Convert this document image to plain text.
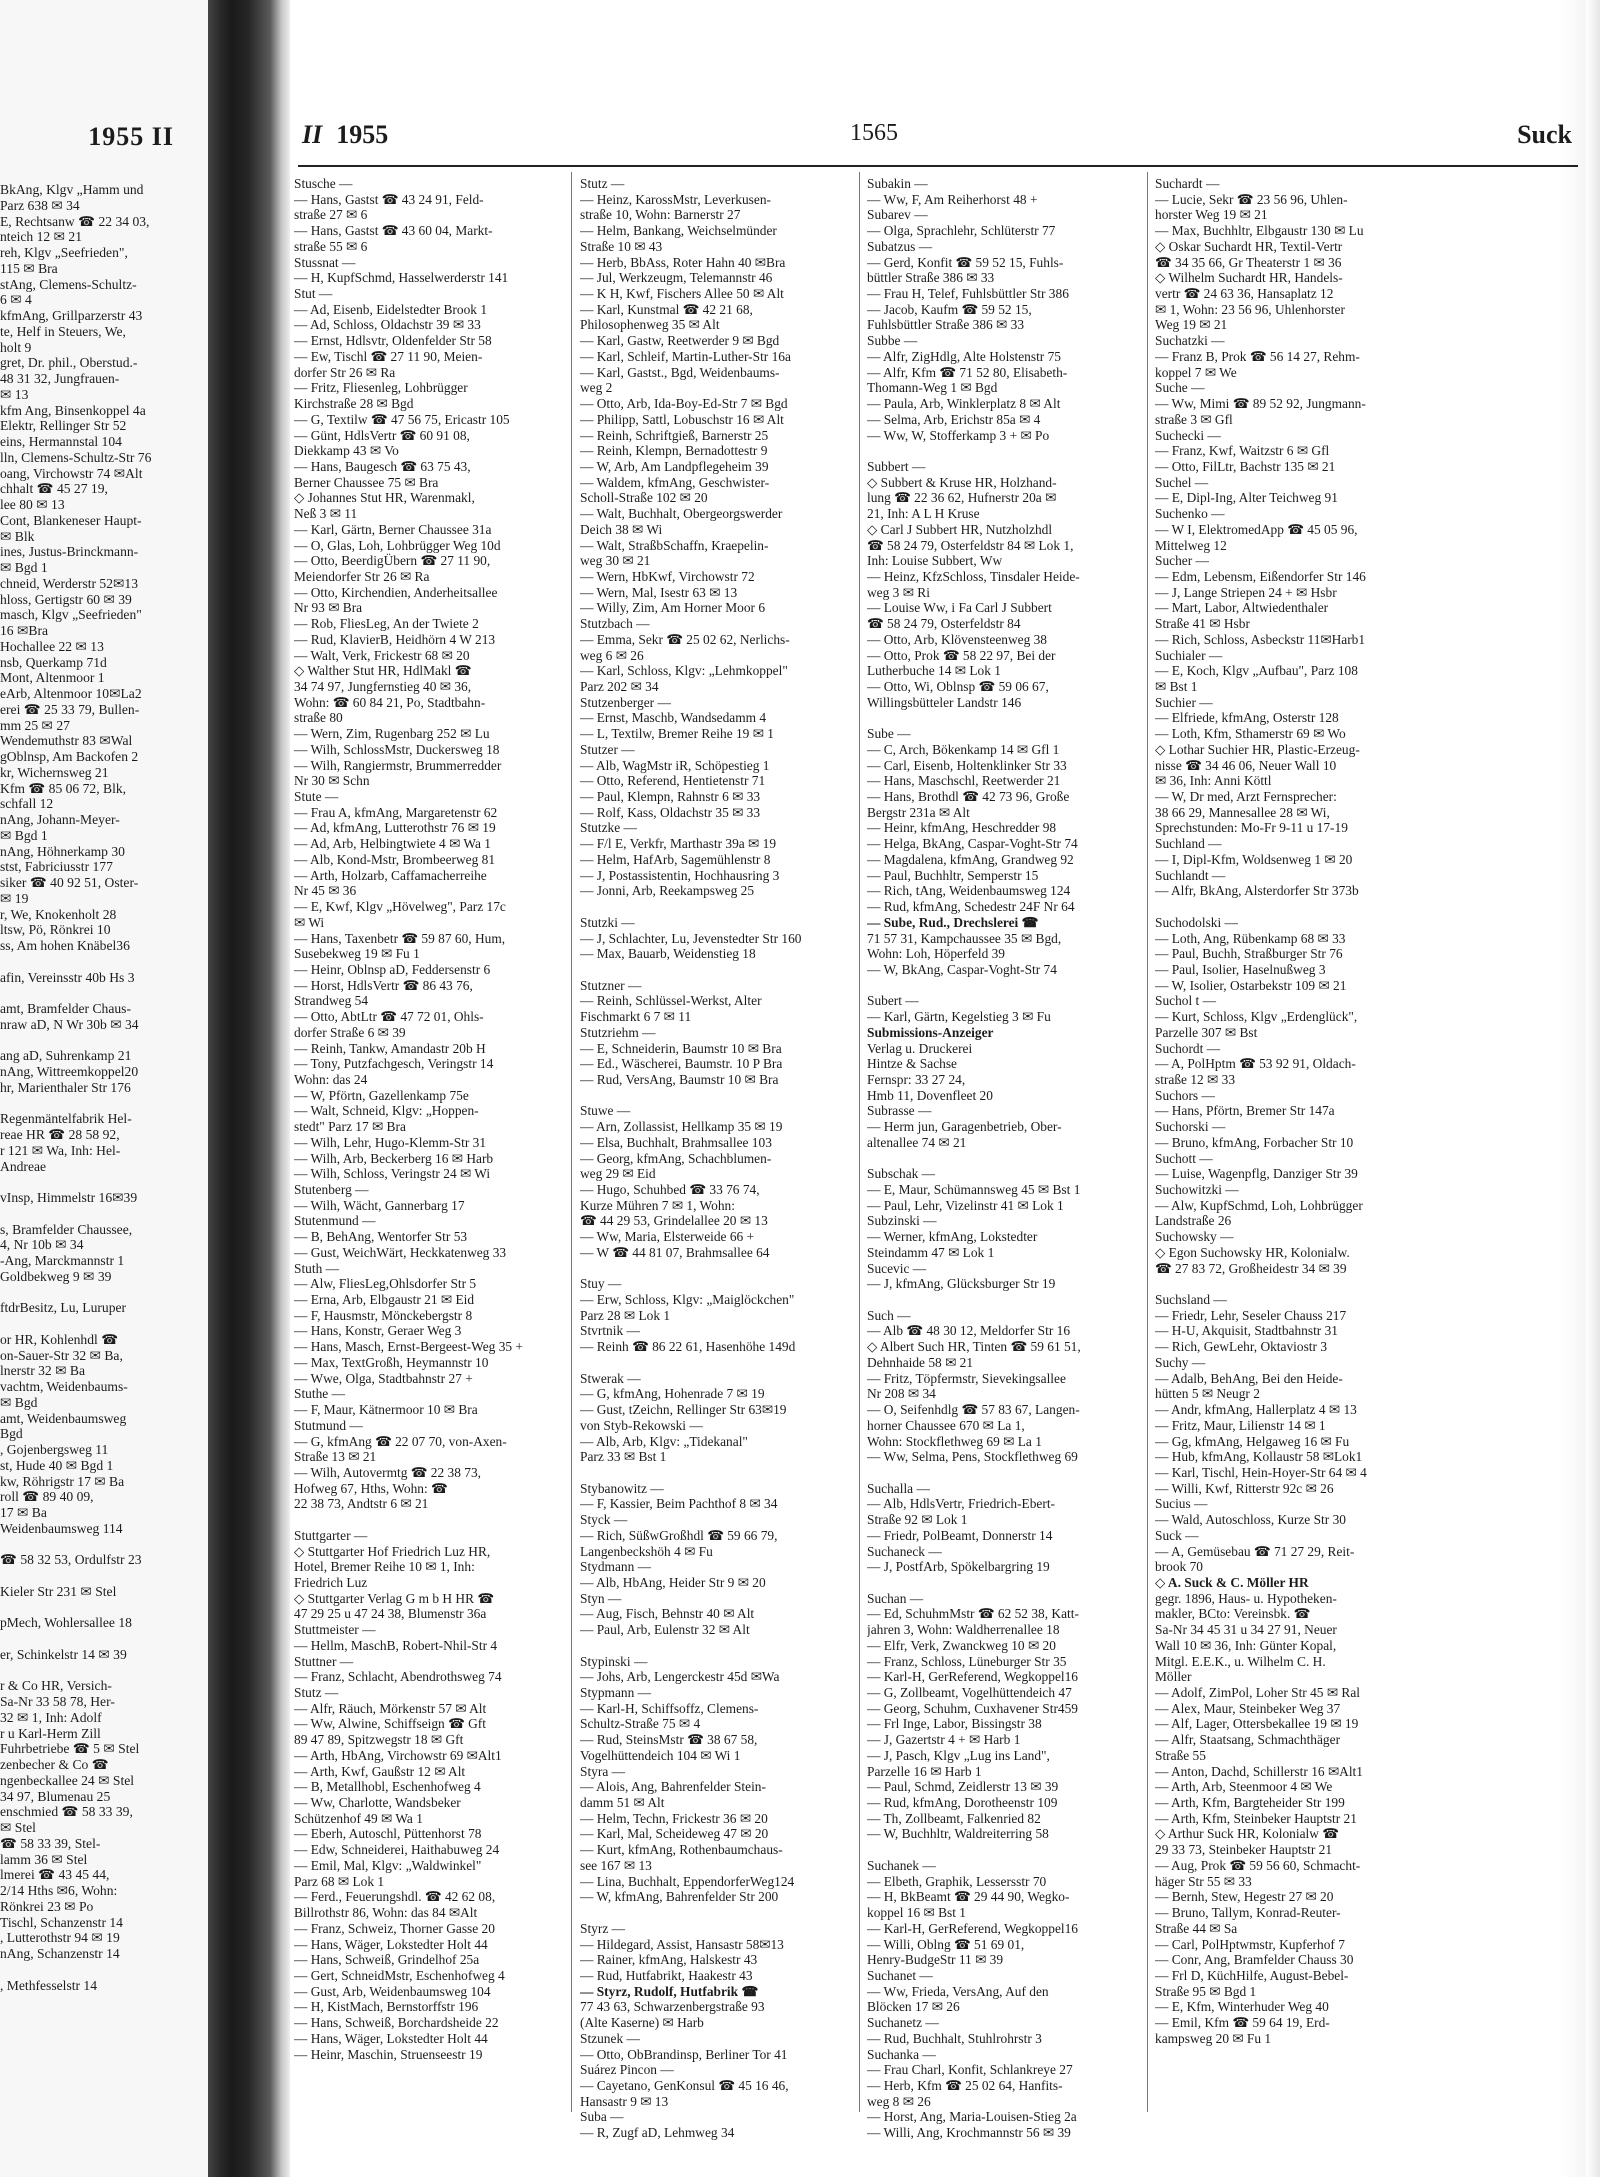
1955 II
BkAng, Klgv „Hamm und
Parz 638 ✉ 34
E, Rechtsanw ☎ 22 34 03,
nteich 12 ✉ 21
reh, Klgv „Seefrieden",
115 ✉ Bra
stAng, Clemens-Schultz-
6 ✉ 4
kfmAng, Grillparzerstr 43
te, Helf in Steuers, We,
holt 9
gret, Dr. phil., Oberstud.-
48 31 32, Jungfrauen-
✉ 13
kfm Ang, Binsenkoppel 4a
Elektr, Rellinger Str 52
eins, Hermannstal 104
lln, Clemens-Schultz-Str 76
oang, Virchowstr 74 ✉Alt
chhalt ☎ 45 27 19,
lee 80 ✉ 13
Cont, Blankeneser Haupt-
✉ Blk
ines, Justus-Brinckmann-
✉ Bgd 1
chneid, Werderstr 52✉13
hloss, Gertigstr 60 ✉ 39
masch, Klgv „Seefrieden"
16 ✉Bra
Hochallee 22 ✉ 13
nsb, Querkamp 71d
Mont, Altenmoor 1
eArb, Altenmoor 10✉La2
erei ☎ 25 33 79, Bullen-
mm 25 ✉ 27
Wendemuthstr 83 ✉Wal
gOblnsp, Am Backofen 2
kr, Wichernsweg 21
Kfm ☎ 85 06 72, Blk,
schfall 12
nAng, Johann-Meyer-
✉ Bgd 1
nAng, Höhnerkamp 30
stst, Fabriciusstr 177
siker ☎ 40 92 51, Oster-
✉ 19
r, We, Knokenholt 28
ltsw, Pö, Rönkrei 10
ss, Am hohen Knäbel36

afin, Vereinsstr 40b Hs 3

amt, Bramfelder Chaus-
nraw aD, N Wr 30b ✉ 34

ang aD, Suhrenkamp 21
nAng, Wittreemkoppel20
hr, Marienthaler Str 176

Regenmäntelfabrik Hel-
reae HR ☎ 28 58 92,
r 121 ✉ Wa, Inh: Hel-
Andreae

vInsp, Himmelstr 16✉39

s, Bramfelder Chaussee,
4, Nr 10b ✉ 34
-Ang, Marckmannstr 1
Goldbekweg 9 ✉ 39

ftdrBesitz, Lu, Luruper

or HR, Kohlenhdl ☎
on-Sauer-Str 32 ✉ Ba,
lnerstr 32 ✉ Ba
vachtm, Weidenbaums-
✉ Bgd
amt, Weidenbaumsweg
Bgd
, Gojenbergsweg 11
st, Hude 40 ✉ Bgd 1
kw, Röhrigstr 17 ✉ Ba
roll ☎ 89 40 09,
17 ✉ Ba
Weidenbaumsweg 114

☎ 58 32 53, Ordulfstr 23

Kieler Str 231 ✉ Stel

pMech, Wohlersallee 18

er, Schinkelstr 14 ✉ 39

r & Co HR, Versich-
Sa-Nr 33 58 78, Her-
32 ✉ 1, Inh: Adolf
r u Karl-Herm Zill
Fuhrbetriebe ☎ 5 ✉ Stel
zenbecher & Co ☎
ngenbeckallee 24 ✉ Stel
34 97, Blumenau 25
enschmied ☎ 58 33 39,
✉ Stel
☎ 58 33 39, Stel-
lamm 36 ✉ Stel
lmerei ☎ 43 45 44,
2/14 Hths ✉6, Wohn:
Rönkrei 23 ✉ Po
Tischl, Schanzenstr 14
, Lutterothstr 94 ✉ 19
nAng, Schanzenstr 14

, Methfesselstr 14
II 1955	1565	Suck
Stusche —
— Hans, Gastst ☎ 43 24 91, Feld-
straße 27 ✉ 6
— Hans, Gastst ☎ 43 60 04, Markt-
straße 55 ✉ 6
Stussnat —
— H, KupfSchmd, Hasselwerderstr 141
Stut —
— Ad, Eisenb, Eidelstedter Brook 1
— Ad, Schloss, Oldachstr 39 ✉ 33
— Ernst, Hdlsvtr, Oldenfelder Str 58
— Ew, Tischl ☎ 27 11 90, Meien-
dorfer Str 26 ✉ Ra
— Fritz, Fliesenleg, Lohbrügger
Kirchstraße 28 ✉ Bgd
— G, Textilw ☎ 47 56 75, Ericastr 105
— Günt, HdlsVertr ☎ 60 91 08,
Diekkamp 43 ✉ Vo
— Hans, Baugesch ☎ 63 75 43,
Berner Chaussee 75 ✉ Bra
◇ Johannes Stut HR, Warenmakl,
Neß 3 ✉ 11
— Karl, Gärtn, Berner Chaussee 31a
— O, Glas, Loh, Lohbrügger Weg 10d
— Otto, BeerdigÜbern ☎ 27 11 90,
Meiendorfer Str 26 ✉ Ra
— Otto, Kirchendien, Anderheitsallee
Nr 93 ✉ Bra
— Rob, FliesLeg, An der Twiete 2
— Rud, KlavierB, Heidhörn 4 W 213
— Walt, Verk, Frickestr 68 ✉ 20
◇ Walther Stut HR, HdlMakl ☎
34 74 97, Jungfernstieg 40 ✉ 36,
Wohn: ☎ 60 84 21, Po, Stadtbahn-
straße 80
— Wern, Zim, Rugenbarg 252 ✉ Lu
— Wilh, SchlossMstr, Duckersweg 18
— Wilh, Rangiermstr, Brummerredder
Nr 30 ✉ Schn
Stute —
— Frau A, kfmAng, Margaretenstr 62
— Ad, kfmAng, Lutterothstr 76 ✉ 19
— Ad, Arb, Helbingtwiete 4 ✉ Wa 1
— Alb, Kond-Mstr, Brombeerweg 81
— Arth, Holzarb, Caffamacherreihe
Nr 45 ✉ 36
— E, Kwf, Klgv „Hövelweg", Parz 17c
✉ Wi
— Hans, Taxenbetr ☎ 59 87 60, Hum,
Susebekweg 19 ✉ Fu 1
— Heinr, Oblnsp aD, Feddersenstr 6
— Horst, HdlsVertr ☎ 86 43 76,
Strandweg 54
— Otto, AbtLtr ☎ 47 72 01, Ohls-
dorfer Straße 6 ✉ 39
— Reinh, Tankw, Amandastr 20b H
— Tony, Putzfachgesch, Veringstr 14
Wohn: das 24
— W, Pförtn, Gazellenkamp 75e
— Walt, Schneid, Klgv: „Hoppen-
stedt" Parz 17 ✉ Bra
— Wilh, Lehr, Hugo-Klemm-Str 31
— Wilh, Arb, Beckerberg 16 ✉ Harb
— Wilh, Schloss, Veringstr 24 ✉ Wi
Stutenberg —
— Wilh, Wächt, Gannerbarg 17
Stutenmund —
— B, BehAng, Wentorfer Str 53
— Gust, WeichWärt, Heckkatenweg 33
Stuth —
— Alw, FliesLeg,Ohlsdorfer Str 5
— Erna, Arb, Elbgaustr 21 ✉ Eid
— F, Hausmstr, Mönckebergstr 8
— Hans, Konstr, Geraer Weg 3
— Hans, Masch, Ernst-Bergeest-Weg 35 +
— Max, TextGroßh, Heymannstr 10
— Wwe, Olga, Stadtbahnstr 27 +
Stuthe —
— F, Maur, Kätnermoor 10 ✉ Bra
Stutmund —
— G, kfmAng ☎ 22 07 70, von-Axen-
Straße 13 ✉ 21
— Wilh, Autovermtg ☎ 22 38 73,
Hofweg 67, Hths, Wohn: ☎
22 38 73, Andtstr 6 ✉ 21

Stuttgarter —
◇ Stuttgarter Hof Friedrich Luz HR,
Hotel, Bremer Reihe 10 ✉ 1, Inh:
Friedrich Luz
◇ Stuttgarter Verlag G m b H HR ☎
47 29 25 u 47 24 38, Blumenstr 36a
Stuttmeister —
— Hellm, MaschB, Robert-Nhil-Str 4
Stuttner —
— Franz, Schlacht, Abendrothsweg 74
Stutz —
— Alfr, Räuch, Mörkenstr 57 ✉ Alt
— Ww, Alwine, Schiffseign ☎ Gft
89 47 89, Spitzwegstr 18 ✉ Gft
— Arth, HbAng, Virchowstr 69 ✉Alt1
— Arth, Kwf, Gaußstr 12 ✉ Alt
— B, Metallhobl, Eschenhofweg 4
— Ww, Charlotte, Wandsbeker
Schützenhof 49 ✉ Wa 1
— Eberh, Autoschl, Püttenhorst 78
— Edw, Schneiderei, Haithabuweg 24
— Emil, Mal, Klgv: „Waldwinkel"
Parz 68 ✉ Lok 1
— Ferd., Feuerungshdl. ☎ 42 62 08,
Billrothstr 86, Wohn: das 84 ✉Alt
— Franz, Schweiz, Thorner Gasse 20
— Hans, Wäger, Lokstedter Holt 44
— Hans, Schweiß, Grindelhof 25a
— Gert, SchneidMstr, Eschenhofweg 4
— Gust, Arb, Weidenbaumsweg 104
— H, KistMach, Bernstorffstr 196
— Hans, Schweiß, Borchardsheide 22
— Hans, Wäger, Lokstedter Holt 44
— Heinr, Maschin, Struenseestr 19
Stutz —
— Heinz, KarossMstr, Leverkusen-
straße 10, Wohn: Barnerstr 27
— Helm, Bankang, Weichselmünder
Straße 10 ✉ 43
— Herb, BbAss, Roter Hahn 40 ✉Bra
— Jul, Werkzeugm, Telemannstr 46
— K H, Kwf, Fischers Allee 50 ✉ Alt
— Karl, Kunstmal ☎ 42 21 68,
Philosophenweg 35 ✉ Alt
— Karl, Gastw, Reetwerder 9 ✉ Bgd
— Karl, Schleif, Martin-Luther-Str 16a
— Karl, Gastst., Bgd, Weidenbaums-
weg 2
— Otto, Arb, Ida-Boy-Ed-Str 7 ✉ Bgd
— Philipp, Sattl, Lobuschstr 16 ✉ Alt
— Reinh, Schriftgieß, Barnerstr 25
— Reinh, Klempn, Bernadottestr 9
— W, Arb, Am Landpflegeheim 39
— Waldem, kfmAng, Geschwister-
Scholl-Straße 102 ✉ 20
— Walt, Buchhalt, Obergeorgswerder
Deich 38 ✉ Wi
— Walt, StraßbSchaffn, Kraepelin-
weg 30 ✉ 21
— Wern, HbKwf, Virchowstr 72
— Wern, Mal, Isestr 63 ✉ 13
— Willy, Zim, Am Horner Moor 6
Stutzbach —
— Emma, Sekr ☎ 25 02 62, Nerlichs-
weg 6 ✉ 26
— Karl, Schloss, Klgv: „Lehmkoppel"
Parz 202 ✉ 34
Stutzenberger —
— Ernst, Maschb, Wandsedamm 4
— L, Textilw, Bremer Reihe 19 ✉ 1
Stutzer —
— Alb, WagMstr iR, Schöpestieg 1
— Otto, Referend, Hentietenstr 71
— Paul, Klempn, Rahnstr 6 ✉ 33
— Rolf, Kass, Oldachstr 35 ✉ 33
Stutzke —
— F/l E, Verkfr, Marthastr 39a ✉ 19
— Helm, HafArb, Sagemühlenstr 8
— J, Postassistentin, Hochhausring 3
— Jonni, Arb, Reekampsweg 25

Stutzki —
— J, Schlachter, Lu, Jevenstedter Str 160
— Max, Bauarb, Weidenstieg 18

Stutzner —
— Reinh, Schlüssel-Werkst, Alter
Fischmarkt 6 7 ✉ 11
Stutzriehm —
— E, Schneiderin, Baumstr 10 ✉ Bra
— Ed., Wäscherei, Baumstr. 10 P Bra
— Rud, VersAng, Baumstr 10 ✉ Bra

Stuwe —
— Arn, Zollassist, Hellkamp 35 ✉ 19
— Elsa, Buchhalt, Brahmsallee 103
— Georg, kfmAng, Schachblumen-
weg 29 ✉ Eid
— Hugo, Schuhbed ☎ 33 76 74,
Kurze Mühren 7 ✉ 1, Wohn:
☎ 44 29 53, Grindelallee 20 ✉ 13
— Ww, Maria, Elsterweide 66 +
— W ☎ 44 81 07, Brahmsallee 64

Stuy —
— Erw, Schloss, Klgv: „Maiglöckchen"
Parz 28 ✉ Lok 1
Stvrtnik —
— Reinh ☎ 86 22 61, Hasenhöhe 149d

Stwerak —
— G, kfmAng, Hohenrade 7 ✉ 19
— Gust, tZeichn, Rellinger Str 63✉19
von Styb-Rekowski —
— Alb, Arb, Klgv: „Tidekanal"
Parz 33 ✉ Bst 1

Stybanowitz —
— F, Kassier, Beim Pachthof 8 ✉ 34
Styck —
— Rich, SüßwGroßhdl ☎ 59 66 79,
Langenbeckshöh 4 ✉ Fu
Stydmann —
— Alb, HbAng, Heider Str 9 ✉ 20
Styn —
— Aug, Fisch, Behnstr 40 ✉ Alt
— Paul, Arb, Eulenstr 32 ✉ Alt

Stypinski —
— Johs, Arb, Lengerckestr 45d ✉Wa
Stypmann —
— Karl-H, Schiffsoffz, Clemens-
Schultz-Straße 75 ✉ 4
— Rud, SteinsMstr ☎ 38 67 58,
Vogelhüttendeich 104 ✉ Wi 1
Styra —
— Alois, Ang, Bahrenfelder Stein-
damm 51 ✉ Alt
— Helm, Techn, Frickestr 36 ✉ 20
— Karl, Mal, Scheideweg 47 ✉ 20
— Kurt, kfmAng, Rothenbaumchaus-
see 167 ✉ 13
— Lina, Buchhalt, EppendorferWeg124
— W, kfmAng, Bahrenfelder Str 200

Styrz —
— Hildegard, Assist, Hansastr 58✉13
— Rainer, kfmAng, Halskestr 43
— Rud, Hutfabrikt, Haakestr 43
— Styrz, Rudolf, Hutfabrik ☎
77 43 63, Schwarzenbergstraße 93
(Alte Kaserne) ✉ Harb
Stzunek —
— Otto, ObBrandinsp, Berliner Tor 41
Suárez Pincon —
— Cayetano, GenKonsul ☎ 45 16 46,
Hansastr 9 ✉ 13
Suba —
— R, Zugf aD, Lehmweg 34
Subakin —
— Ww, F, Am Reiherhorst 48 +
Subarev —
— Olga, Sprachlehr, Schlüterstr 77
Subatzus —
— Gerd, Konfit ☎ 59 52 15, Fuhls-
büttler Straße 386 ✉ 33
— Frau H, Telef, Fuhlsbüttler Str 386
— Jacob, Kaufm ☎ 59 52 15,
Fuhlsbüttler Straße 386 ✉ 33
Subbe —
— Alfr, ZigHdlg, Alte Holstenstr 75
— Alfr, Kfm ☎ 71 52 80, Elisabeth-
Thomann-Weg 1 ✉ Bgd
— Paula, Arb, Winklerplatz 8 ✉ Alt
— Selma, Arb, Erichstr 85a ✉ 4
— Ww, W, Stofferkamp 3 + ✉ Po

Subbert —
◇ Subbert & Kruse HR, Holzhand-
lung ☎ 22 36 62, Hufnerstr 20a ✉
21, Inh: A L H Kruse
◇ Carl J Subbert HR, Nutzholzhdl
☎ 58 24 79, Osterfeldstr 84 ✉ Lok 1,
Inh: Louise Subbert, Ww
— Heinz, KfzSchloss, Tinsdaler Heide-
weg 3 ✉ Ri
— Louise Ww, i Fa Carl J Subbert
☎ 58 24 79, Osterfeldstr 84
— Otto, Arb, Klövensteenweg 38
— Otto, Prok ☎ 58 22 97, Bei der
Lutherbuche 14 ✉ Lok 1
— Otto, Wi, Oblnsp ☎ 59 06 67,
Willingsbütteler Landstr 146

Sube —
— C, Arch, Bökenkamp 14 ✉ Gfl 1
— Carl, Eisenb, Holtenklinker Str 33
— Hans, Maschschl, Reetwerder 21
— Hans, Brothdl ☎ 42 73 96, Große
Bergstr 231a ✉ Alt
— Heinr, kfmAng, Heschredder 98
— Helga, BkAng, Caspar-Voght-Str 74
— Magdalena, kfmAng, Grandweg 92
— Paul, Buchhltr, Semperstr 15
— Rich, tAng, Weidenbaumsweg 124
— Rud, kfmAng, Schedestr 24F Nr 64
— Sube, Rud., Drechslerei ☎
71 57 31, Kampchaussee 35 ✉ Bgd,
Wohn: Loh, Höperfeld 39
— W, BkAng, Caspar-Voght-Str 74

Subert —
— Karl, Gärtn, Kegelstieg 3 ✉ Fu
Submissions-Anzeiger
Verlag u. Druckerei
Hintze & Sachse
Fernspr: 33 27 24,
Hmb 11, Dovenfleet 20
Subrasse —
— Herm jun, Garagenbetrieb, Ober-
altenallee 74 ✉ 21

Subschak —
— E, Maur, Schümannsweg 45 ✉ Bst 1
— Paul, Lehr, Vizelinstr 41 ✉ Lok 1
Subzinski —
— Werner, kfmAng, Lokstedter
Steindamm 47 ✉ Lok 1
Sucevic —
— J, kfmAng, Glücksburger Str 19

Such —
— Alb ☎ 48 30 12, Meldorfer Str 16
◇ Albert Such HR, Tinten ☎ 59 61 51,
Dehnhaide 58 ✉ 21
— Fritz, Töpfermstr, Sievekingsallee
Nr 208 ✉ 34
— O, Seifenhdlg ☎ 57 83 67, Langen-
horner Chaussee 670 ✉ La 1,
Wohn: Stockflethweg 69 ✉ La 1
— Ww, Selma, Pens, Stockflethweg 69

Suchalla —
— Alb, HdlsVertr, Friedrich-Ebert-
Straße 92 ✉ Lok 1
— Friedr, PolBeamt, Donnerstr 14
Suchaneck —
— J, PostfArb, Spökelbargring 19

Suchan —
— Ed, SchuhmMstr ☎ 62 52 38, Katt-
jahren 3, Wohn: Waldherrenallee 18
— Elfr, Verk, Zwanckweg 10 ✉ 20
— Franz, Schloss, Lüneburger Str 35
— Karl-H, GerReferend, Wegkoppel16
— G, Zollbeamt, Vogelhüttendeich 47
— Georg, Schuhm, Cuxhavener Str459
— Frl Inge, Labor, Bissingstr 38
— J, Gazertstr 4 + ✉ Harb 1
— J, Pasch, Klgv „Lug ins Land",
Parzelle 16 ✉ Harb 1
— Paul, Schmd, Zeidlerstr 13 ✉ 39
— Rud, kfmAng, Dorotheenstr 109
— Th, Zollbeamt, Falkenried 82
— W, Buchhltr, Waldreiterring 58

Suchanek —
— Elbeth, Graphik, Lessersstr 70
— H, BkBeamt ☎ 29 44 90, Wegko-
koppel 16 ✉ Bst 1
— Karl-H, GerReferend, Wegkoppel16
— Willi, Oblng ☎ 51 69 01,
Henry-BudgeStr 11 ✉ 39
Suchanet —
— Ww, Frieda, VersAng, Auf den
Blöcken 17 ✉ 26
Suchanetz —
— Rud, Buchhalt, Stuhlrohrstr 3
Suchanka —
— Frau Charl, Konfit, Schlankreye 27
— Herb, Kfm ☎ 25 02 64, Hanfits-
weg 8 ✉ 26
— Horst, Ang, Maria-Louisen-Stieg 2a
— Willi, Ang, Krochmannstr 56 ✉ 39
Suchardt —
— Lucie, Sekr ☎ 23 56 96, Uhlen-
horster Weg 19 ✉ 21
— Max, Buchhltr, Elbgaustr 130 ✉ Lu
◇ Oskar Suchardt HR, Textil-Vertr
☎ 34 35 66, Gr Theaterstr 1 ✉ 36
◇ Wilhelm Suchardt HR, Handels-
vertr ☎ 24 63 36, Hansaplatz 12
✉ 1, Wohn: 23 56 96, Uhlenhorster
Weg 19 ✉ 21
Suchatzki —
— Franz B, Prok ☎ 56 14 27, Rehm-
koppel 7 ✉ We
Suche —
— Ww, Mimi ☎ 89 52 92, Jungmann-
straße 3 ✉ Gfl
Suchecki —
— Franz, Kwf, Waitzstr 6 ✉ Gfl
— Otto, FilLtr, Bachstr 135 ✉ 21
Suchel —
— E, Dipl-Ing, Alter Teichweg 91
Suchenko —
— W I, ElektromedApp ☎ 45 05 96,
Mittelweg 12
Sucher —
— Edm, Lebensm, Eißendorfer Str 146
— J, Lange Striepen 24 + ✉ Hsbr
— Mart, Labor, Altwiedenthaler
Straße 41 ✉ Hsbr
— Rich, Schloss, Asbeckstr 11✉Harb1
Suchialer —
— E, Koch, Klgv „Aufbau", Parz 108
✉ Bst 1
Suchier —
— Elfriede, kfmAng, Osterstr 128
— Loth, Kfm, Sthamerstr 69 ✉ Wo
◇ Lothar Suchier HR, Plastic-Erzeug-
nisse ☎ 34 46 06, Neuer Wall 10
✉ 36, Inh: Anni Köttl
— W, Dr med, Arzt Fernsprecher:
38 66 29, Mannesallee 28 ✉ Wi,
Sprechstunden: Mo-Fr 9-11 u 17-19
Suchland —
— I, Dipl-Kfm, Woldsenweg 1 ✉ 20
Suchlandt —
— Alfr, BkAng, Alsterdorfer Str 373b

Suchodolski —
— Loth, Ang, Rübenkamp 68 ✉ 33
— Paul, Buchh, Straßburger Str 76
— Paul, Isolier, Haselnußweg 3
— W, Isolier, Ostarbekstr 109 ✉ 21
Suchol t —
— Kurt, Schloss, Klgv „Erdenglück",
Parzelle 307 ✉ Bst
Suchordt —
— A, PolHptm ☎ 53 92 91, Oldach-
straße 12 ✉ 33
Suchors —
— Hans, Pförtn, Bremer Str 147a
Suchorski —
— Bruno, kfmAng, Forbacher Str 10
Suchott —
— Luise, Wagenpflg, Danziger Str 39
Suchowitzki —
— Alw, KupfSchmd, Loh, Lohbrügger
Landstraße 26
Suchowsky —
◇ Egon Suchowsky HR, Kolonialw.
☎ 27 83 72, Großheidestr 34 ✉ 39

Suchsland —
— Friedr, Lehr, Seseler Chauss 217
— H-U, Akquisit, Stadtbahnstr 31
— Rich, GewLehr, Oktaviostr 3
Suchy —
— Adalb, BehAng, Bei den Heide-
hütten 5 ✉ Neugr 2
— Andr, kfmAng, Hallerplatz 4 ✉ 13
— Fritz, Maur, Lilienstr 14 ✉ 1
— Gg, kfmAng, Helgaweg 16 ✉ Fu
— Hub, kfmAng, Kollaustr 58 ✉Lok1
— Karl, Tischl, Hein-Hoyer-Str 64 ✉ 4
— Willi, Kwf, Ritterstr 92c ✉ 26
Sucius —
— Wald, Autoschloss, Kurze Str 30
Suck —
— A, Gemüsebau ☎ 71 27 29, Reit-
brook 70
◇ A. Suck & C. Möller HR
gegr. 1896, Haus- u. Hypotheken-
makler, BCto: Vereinsbk. ☎
Sa-Nr 34 45 31 u 34 27 91, Neuer
Wall 10 ✉ 36, Inh: Günter Kopal,
Mitgl. E.E.K., u. Wilhelm C. H.
Möller
— Adolf, ZimPol, Loher Str 45 ✉ Ral
— Alex, Maur, Steinbeker Weg 37
— Alf, Lager, Ottersbekallee 19 ✉ 19
— Alfr, Staatsang, Schmachthäger
Straße 55
— Anton, Dachd, Schillerstr 16 ✉Alt1
— Arth, Arb, Steenmoor 4 ✉ We
— Arth, Kfm, Bargteheider Str 199
— Arth, Kfm, Steinbeker Hauptstr 21
◇ Arthur Suck HR, Kolonialw ☎
29 33 73, Steinbeker Hauptstr 21
— Aug, Prok ☎ 59 56 60, Schmacht-
häger Str 55 ✉ 33
— Bernh, Stew, Hegestr 27 ✉ 20
— Bruno, Tallym, Konrad-Reuter-
Straße 44 ✉ Sa
— Carl, PolHptwmstr, Kupferhof 7
— Conr, Ang, Bramfelder Chauss 30
— Frl D, KüchHilfe, August-Bebel-
Straße 95 ✉ Bgd 1
— E, Kfm, Winterhuder Weg 40
— Emil, Kfm ☎ 59 64 19, Erd-
kampsweg 20 ✉ Fu 1
